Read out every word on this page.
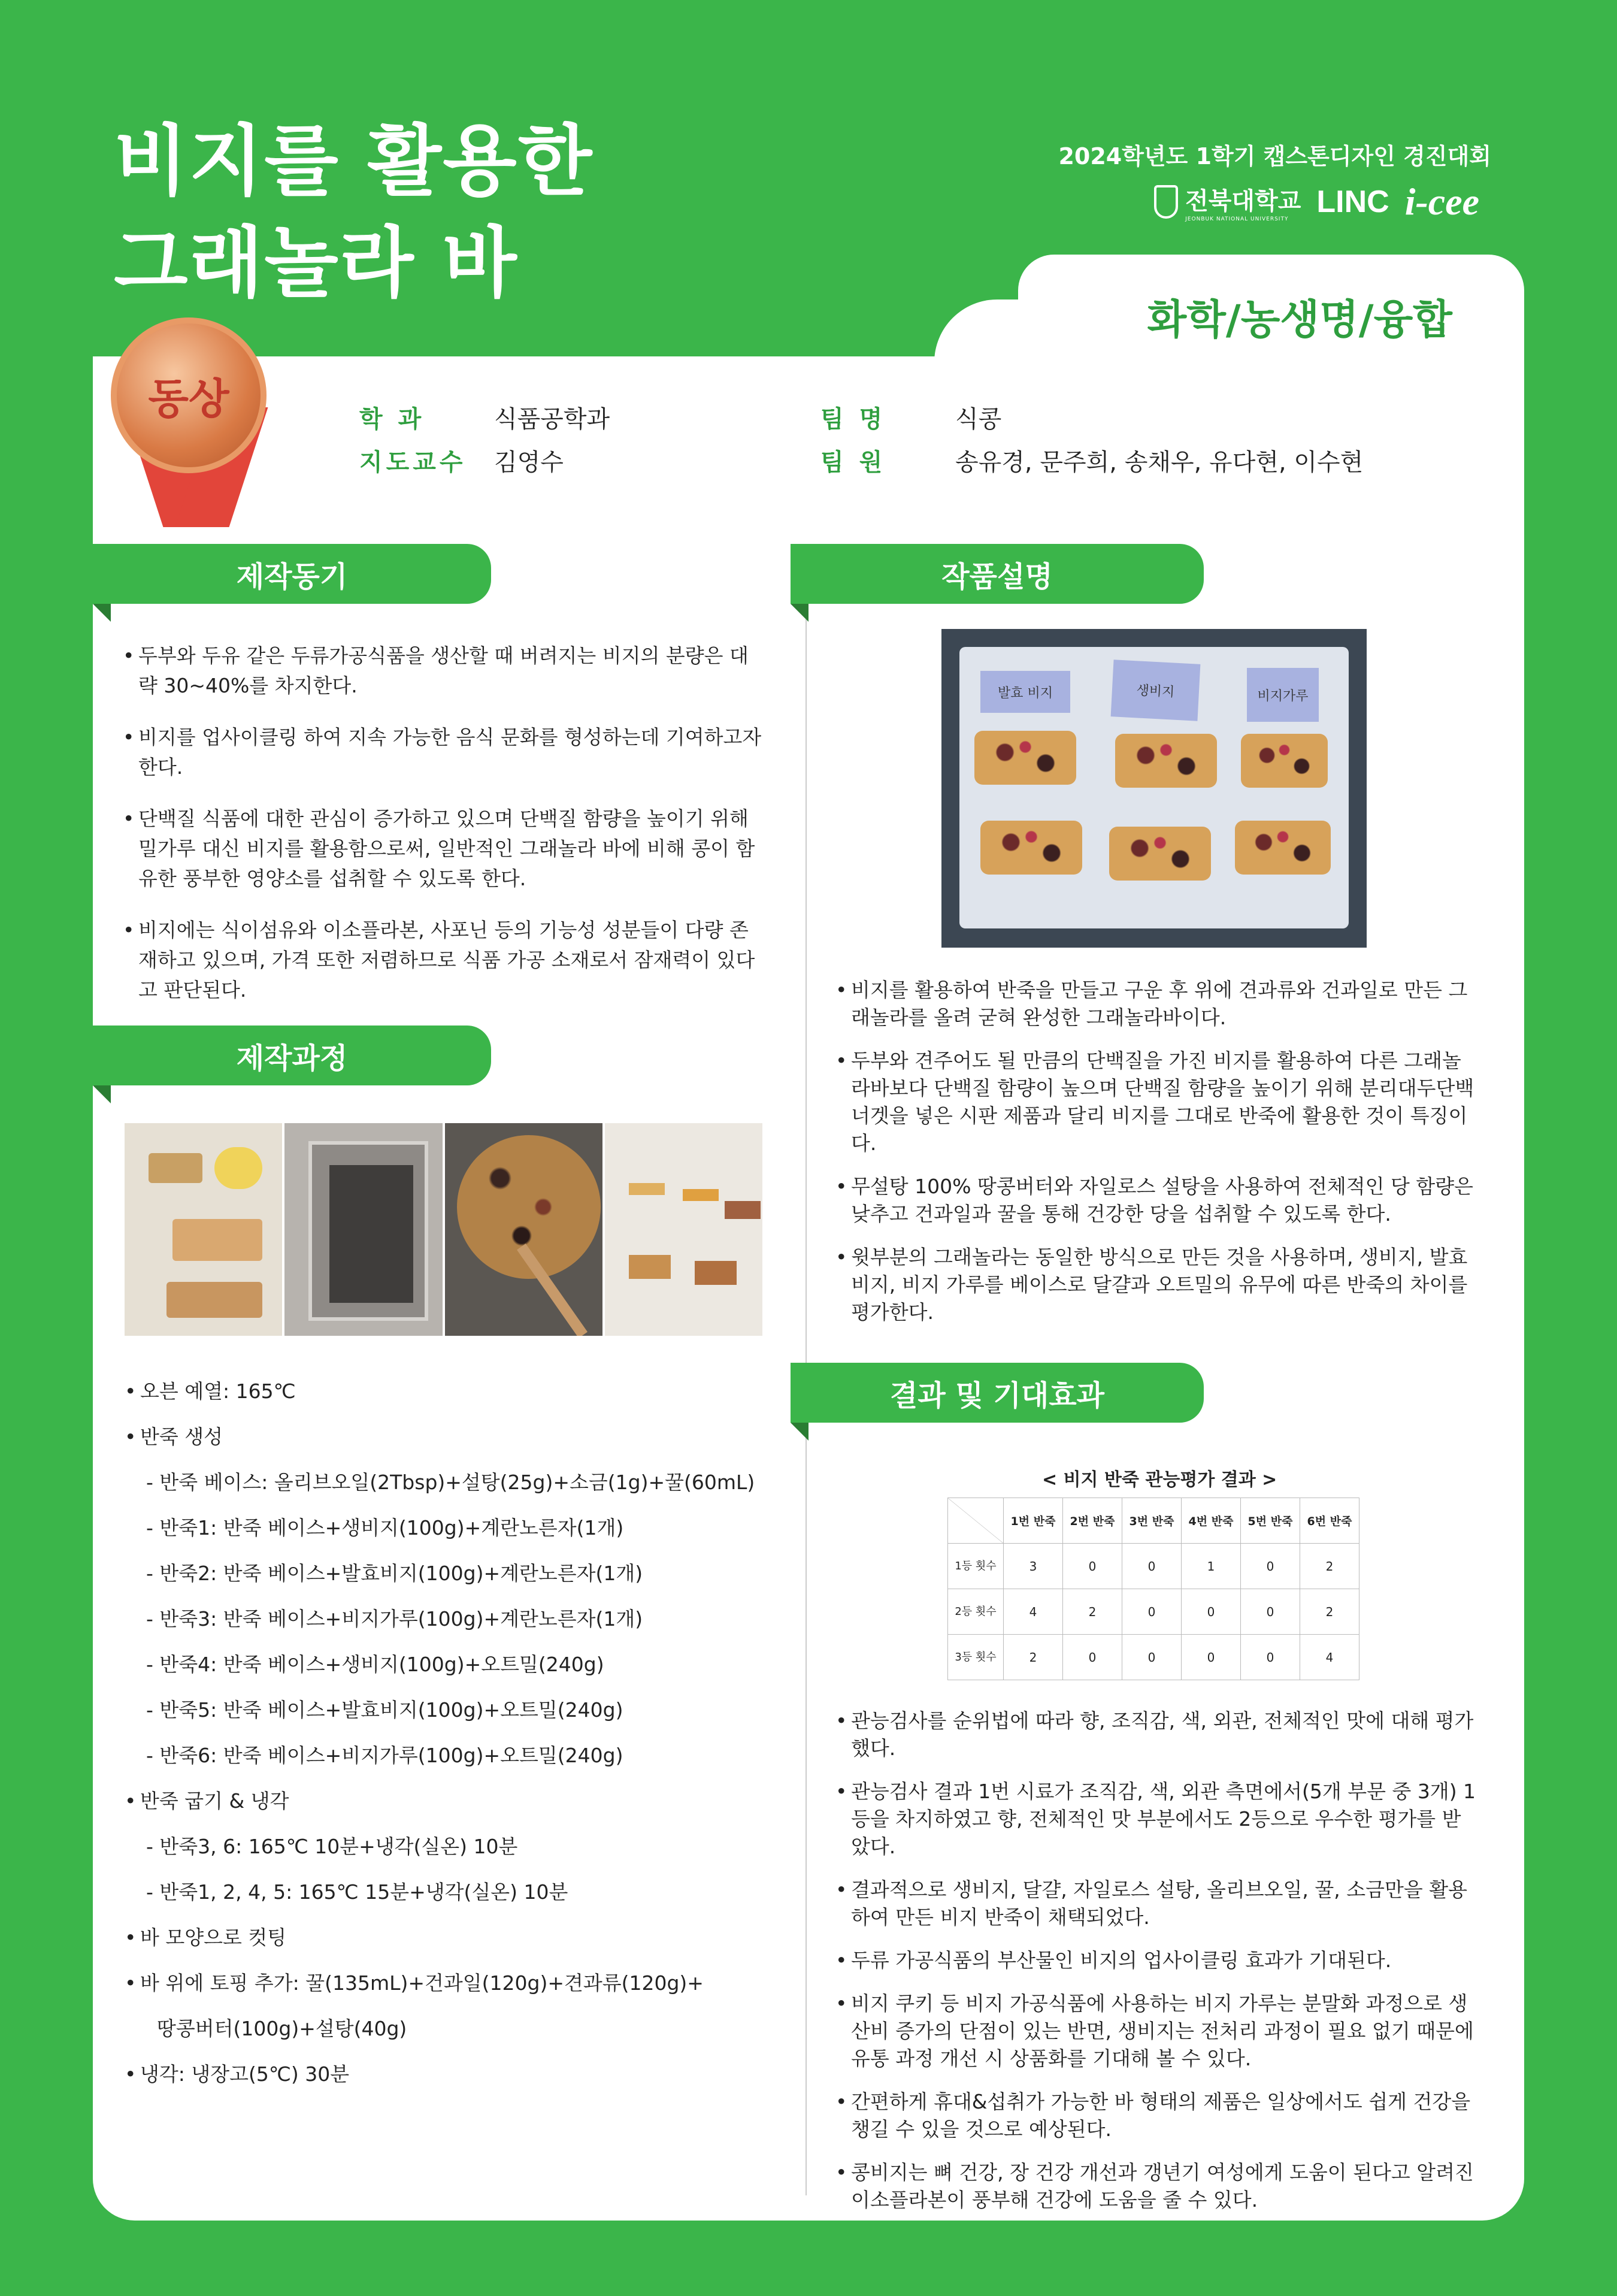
비지를 활용한
그래놀라 바
2024학년도 1학기 캡스톤디자인 경진대회
전북대학교
JEONBUK NATIONAL UNIVERSITY LINC i-cee
화학/농생명/융합
동상	학 과	식품공학과
지도교수 김영수
팀 명	식콩
팀 원	송유경, 문주희, 송채우, 유다현, 이수현
제작동기
• 두부와 두유 같은 두류가공식품을 생산할 때 버려지는 비지의 분량은 대략 30~40%를 차지한다.
• 비지를 업사이클링 하여 지속 가능한 음식 문화를 형성하는데 기여하고자 한다.
• 단백질 식품에 대한 관심이 증가하고 있으며 단백질 함량을 높이기 위해 밀가루 대신 비지를 활용함으로써, 일반적인 그래놀라 바에 비해 콩이 함유한 풍부한 영양소를 섭취할 수 있도록 한다.
• 비지에는 식이섬유와 이소플라본, 사포닌 등의 기능성 성분들이 다량 존재하고 있으며, 가격 또한 저렴하므로 식품 가공 소재로서 잠재력이 있다고 판단된다.
제작과정
• 오븐 예열: 165℃
• 반죽 생성
- 반죽 베이스: 올리브오일(2Tbsp)+설탕(25g)+소금(1g)+꿀(60mL)
- 반죽1: 반죽 베이스+생비지(100g)+계란노른자(1개)
- 반죽2: 반죽 베이스+발효비지(100g)+계란노른자(1개)
- 반죽3: 반죽 베이스+비지가루(100g)+계란노른자(1개)
- 반죽4: 반죽 베이스+생비지(100g)+오트밀(240g)
- 반죽5: 반죽 베이스+발효비지(100g)+오트밀(240g)
- 반죽6: 반죽 베이스+비지가루(100g)+오트밀(240g)
• 반죽 굽기 & 냉각
- 반죽3, 6: 165℃ 10분+냉각(실온) 10분
- 반죽1, 2, 4, 5: 165℃ 15분+냉각(실온) 10분
• 바 모양으로 컷팅
• 바 위에 토핑 추가: 꿀(135mL)+건과일(120g)+견과류(120g)+
땅콩버터(100g)+설탕(40g)
• 냉각: 냉장고(5℃) 30분
작품설명
발효 비지	생비지	비지가루
• 비지를 활용하여 반죽을 만들고 구운 후 위에 견과류와 건과일로 만든 그래놀라를 올려 굳혀 완성한 그래놀라바이다.
• 두부와 견주어도 될 만큼의 단백질을 가진 비지를 활용하여 다른 그래놀라바보다 단백질 함량이 높으며 단백질 함량을 높이기 위해 분리대두단백너겟을 넣은 시판 제품과 달리 비지를 그대로 반죽에 활용한 것이 특징이다.
• 무설탕 100% 땅콩버터와 자일로스 설탕을 사용하여 전체적인 당 함량은 낮추고 건과일과 꿀을 통해 건강한 당을 섭취할 수 있도록 한다.
• 윗부분의 그래놀라는 동일한 방식으로 만든 것을 사용하며, 생비지, 발효비지, 비지 가루를 베이스로 달걀과 오트밀의 유무에 따른 반죽의 차이를 평가한다.
결과 및 기대효과
< 비지 반죽 관능평가 결과 >
	1번 반죽	2번 반죽	3번 반죽	4번 반죽	5번 반죽	6번 반죽
1등 횟수	3	0	0	1	0	2
2등 횟수	4	2	0	0	0	2
3등 횟수	2	0	0	0	0	4
• 관능검사를 순위법에 따라 향, 조직감, 색, 외관, 전체적인 맛에 대해 평가했다.
• 관능검사 결과 1번 시료가 조직감, 색, 외관 측면에서(5개 부문 중 3개) 1등을 차지하였고 향, 전체적인 맛 부분에서도 2등으로 우수한 평가를 받았다.
• 결과적으로 생비지, 달걀, 자일로스 설탕, 올리브오일, 꿀, 소금만을 활용하여 만든 비지 반죽이 채택되었다.
• 두류 가공식품의 부산물인 비지의 업사이클링 효과가 기대된다.
• 비지 쿠키 등 비지 가공식품에 사용하는 비지 가루는 분말화 과정으로 생산비 증가의 단점이 있는 반면, 생비지는 전처리 과정이 필요 없기 때문에 유통 과정 개선 시 상품화를 기대해 볼 수 있다.
• 간편하게 휴대&섭취가 가능한 바 형태의 제품은 일상에서도 쉽게 건강을 챙길 수 있을 것으로 예상된다.
• 콩비지는 뼈 건강, 장 건강 개선과 갱년기 여성에게 도움이 된다고 알려진 이소플라본이 풍부해 건강에 도움을 줄 수 있다.
